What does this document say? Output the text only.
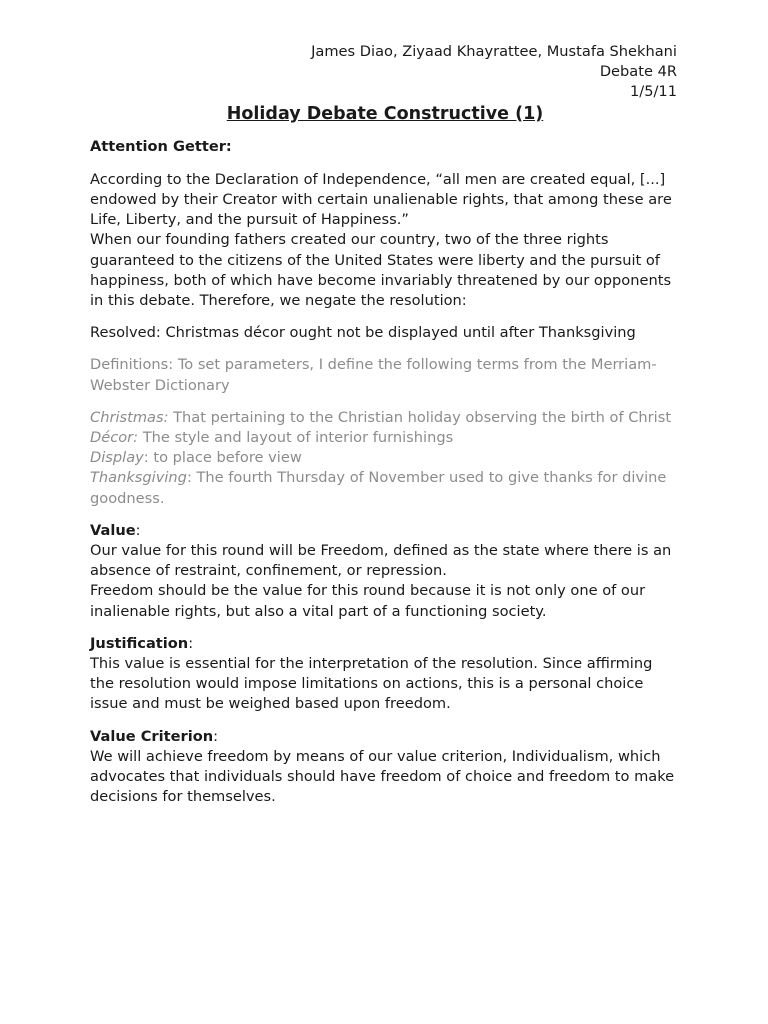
James Diao, Ziyaad Khayrattee, Mustafa Shekhani
Debate 4R
1/5/11
Holiday Debate Constructive (1)
Attention Getter:
According to the Declaration of Independence, “all men are created equal, [...] endowed by their Creator with certain unalienable rights, that among these are Life, Liberty, and the pursuit of Happiness.”
When our founding fathers created our country, two of the three rights guaranteed to the citizens of the United States were liberty and the pursuit of happiness, both of which have become invariably threatened by our opponents in this debate. Therefore, we negate the resolution:

Resolved: Christmas décor ought not be displayed until after Thanksgiving

Definitions: To set parameters, I define the following terms from the Merriam-Webster Dictionary

Christmas: That pertaining to the Christian holiday observing the birth of Christ
Décor: The style and layout of interior furnishings
Display: to place before view
Thanksgiving: The fourth Thursday of November used to give thanks for divine goodness.
Value:
Our value for this round will be Freedom, defined as the state where there is an absence of restraint, confinement, or repression.
Freedom should be the value for this round because it is not only one of our inalienable rights, but also a vital part of a functioning society.
Justification:
This value is essential for the interpretation of the resolution. Since affirming the resolution would impose limitations on actions, this is a personal choice issue and must be weighed based upon freedom.
Value Criterion:
We will achieve freedom by means of our value criterion, Individualism, which advocates that individuals should have freedom of choice and freedom to make decisions for themselves.
